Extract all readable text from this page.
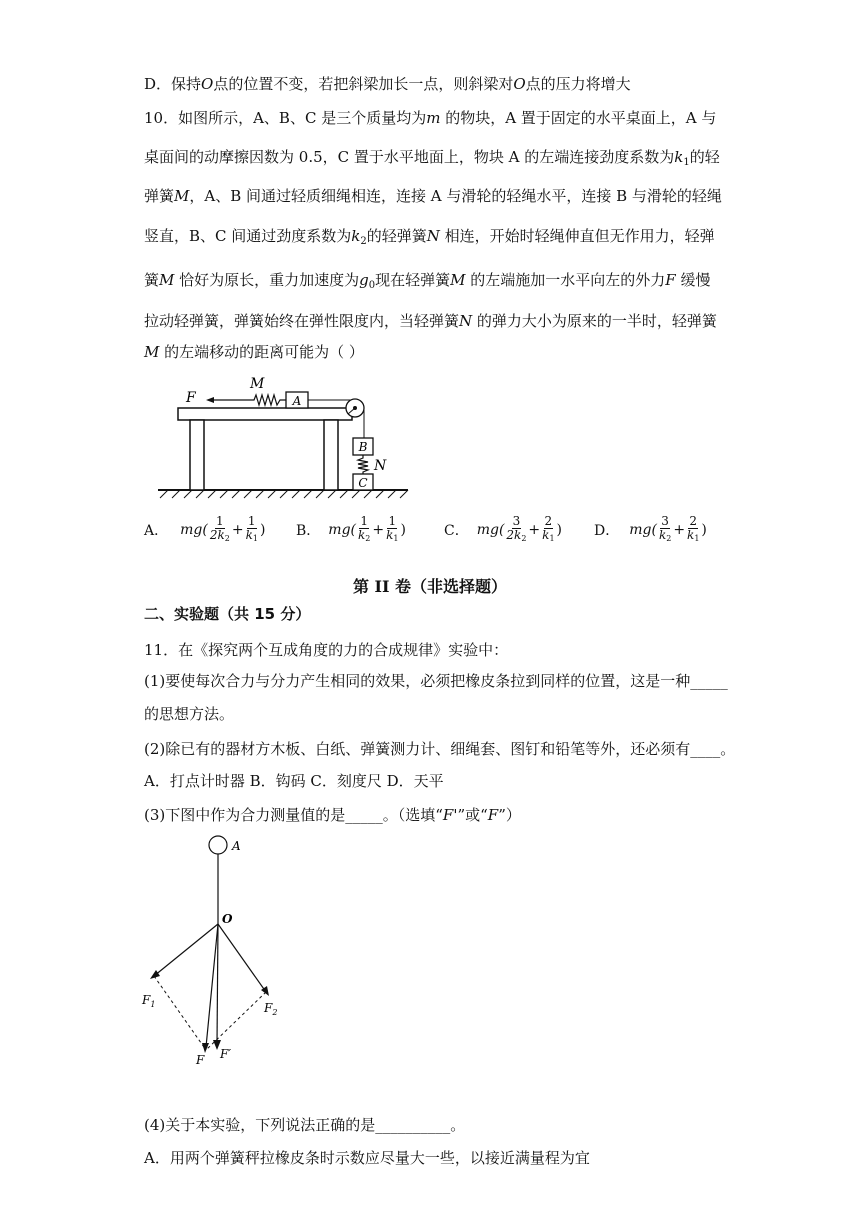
D．保持O点的位置不变，若把斜梁加长一点，则斜梁对O点的压力将增大
10．如图所示，A、B、C 是三个质量均为m 的物块，A 置于固定的水平桌面上，A 与
桌面间的动摩擦因数为 0.5，C 置于水平地面上，物块 A 的左端连接劲度系数为$k_1$的轻
弹簧M，A、B 间通过轻质细绳相连，连接 A 与滑轮的轻绳水平，连接 B 与滑轮的轻绳
竖直，B、C 间通过劲度系数为$k_2$的轻弹簧N 相连，开始时轻绳伸直但无作用力，轻弹
簧M 恰好为原长，重力加速度为$g_0$现在轻弹簧M 的左端施加一水平向左的外力F 缓慢
拉动轻弹簧，弹簧始终在弹性限度内，当轻弹簧N 的弹力大小为原来的一半时，轻弹簧
M 的左端移动的距离可能为（ ）
A
M
F
B
N
C
A． $mg( \frac{1}{2k2} + \frac{1}{k1}$ ) B． $mg( \frac{1}{k2} + \frac{1}{k1}$ )	C． $mg( \frac{3}{2k2} + \frac{2}{k1}$ ) D． $mg( \frac{3}{k2} + \frac{2}{k1}$ )
第 II 卷（非选择题）
二、实验题（共 15 分）
11．在《探究两个互成角度的力的合成规律》实验中：
(1)要使每次合力与分力产生相同的效果，必须把橡皮条拉到同样的位置，这是一种_____
的思想方法。
(2)除已有的器材方木板、白纸、弹簧测力计、细绳套、图钉和铅笔等外，还必须有____。
A．打点计时器 B．钩码 C．刻度尺 D．天平
(3)下图中作为合力测量值的是_____。（选填“F'”或“F”）
A
O
$F_1$	$F_2$
F F′
(4)关于本实验，下列说法正确的是__________。
A．用两个弹簧秤拉橡皮条时示数应尽量大一些，以接近满量程为宜
